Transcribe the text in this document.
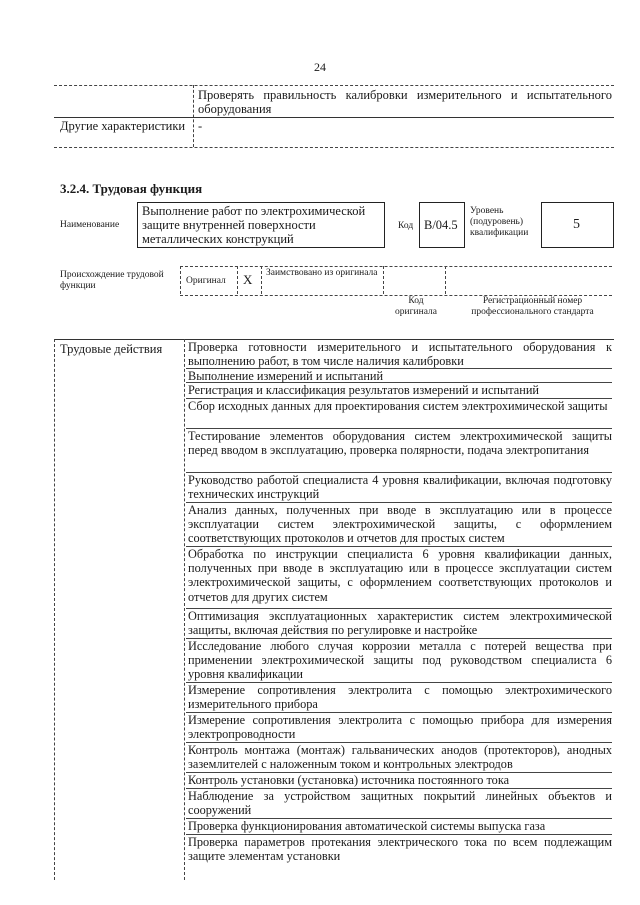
24
Проверять правильность калибровки измерительного и испытательного оборудования
Другие характеристики	-
3.2.4. Трудовая функция
Наименование
Выполнение работ по электрохимической защите внутренней поверхности металлических конструкций
Код B/04.5
Уровень (подуровень) квалификации
5
Происхождение трудовой функции	Оригинал X Заимствовано из оригинала
Код оригинала
Регистрационный номер профессионального стандарта
Трудовые действия Проверка готовности измерительного и испытательного оборудования к выполнению работ, в том числе наличия калибровки
Выполнение измерений и испытаний
Регистрация и классификация результатов измерений и испытаний
Сбор исходных данных для проектирования систем электрохимической защиты
Тестирование элементов оборудования систем электрохимической защиты перед вводом в эксплуатацию, проверка полярности, подача электропитания
Руководство работой специалиста 4 уровня квалификации, включая подготовку технических инструкций
Анализ данных, полученных при вводе в эксплуатацию или в процессе эксплуатации систем электрохимической защиты, с оформлением соответствующих протоколов и отчетов для простых систем
Обработка по инструкции специалиста 6 уровня квалификации данных, полученных при вводе в эксплуатацию или в процессе эксплуатации систем электрохимической защиты, с оформлением соответствующих протоколов и отчетов для других систем
Оптимизация эксплуатационных характеристик систем электрохимической защиты, включая действия по регулировке и настройке
Исследование любого случая коррозии металла с потерей вещества при применении электрохимической защиты под руководством специалиста 6 уровня квалификации
Измерение сопротивления электролита с помощью электрохимического измерительного прибора
Измерение сопротивления электролита с помощью прибора для измерения электропроводности
Контроль монтажа (монтаж) гальванических анодов (протекторов), анодных заземлителей с наложенным током и контрольных электродов
Контроль установки (установка) источника постоянного тока
Наблюдение за устройством защитных покрытий линейных объектов и сооружений
Проверка функционирования автоматической системы выпуска газа
Проверка параметров протекания электрического тока по всем подлежащим защите элементам установки
